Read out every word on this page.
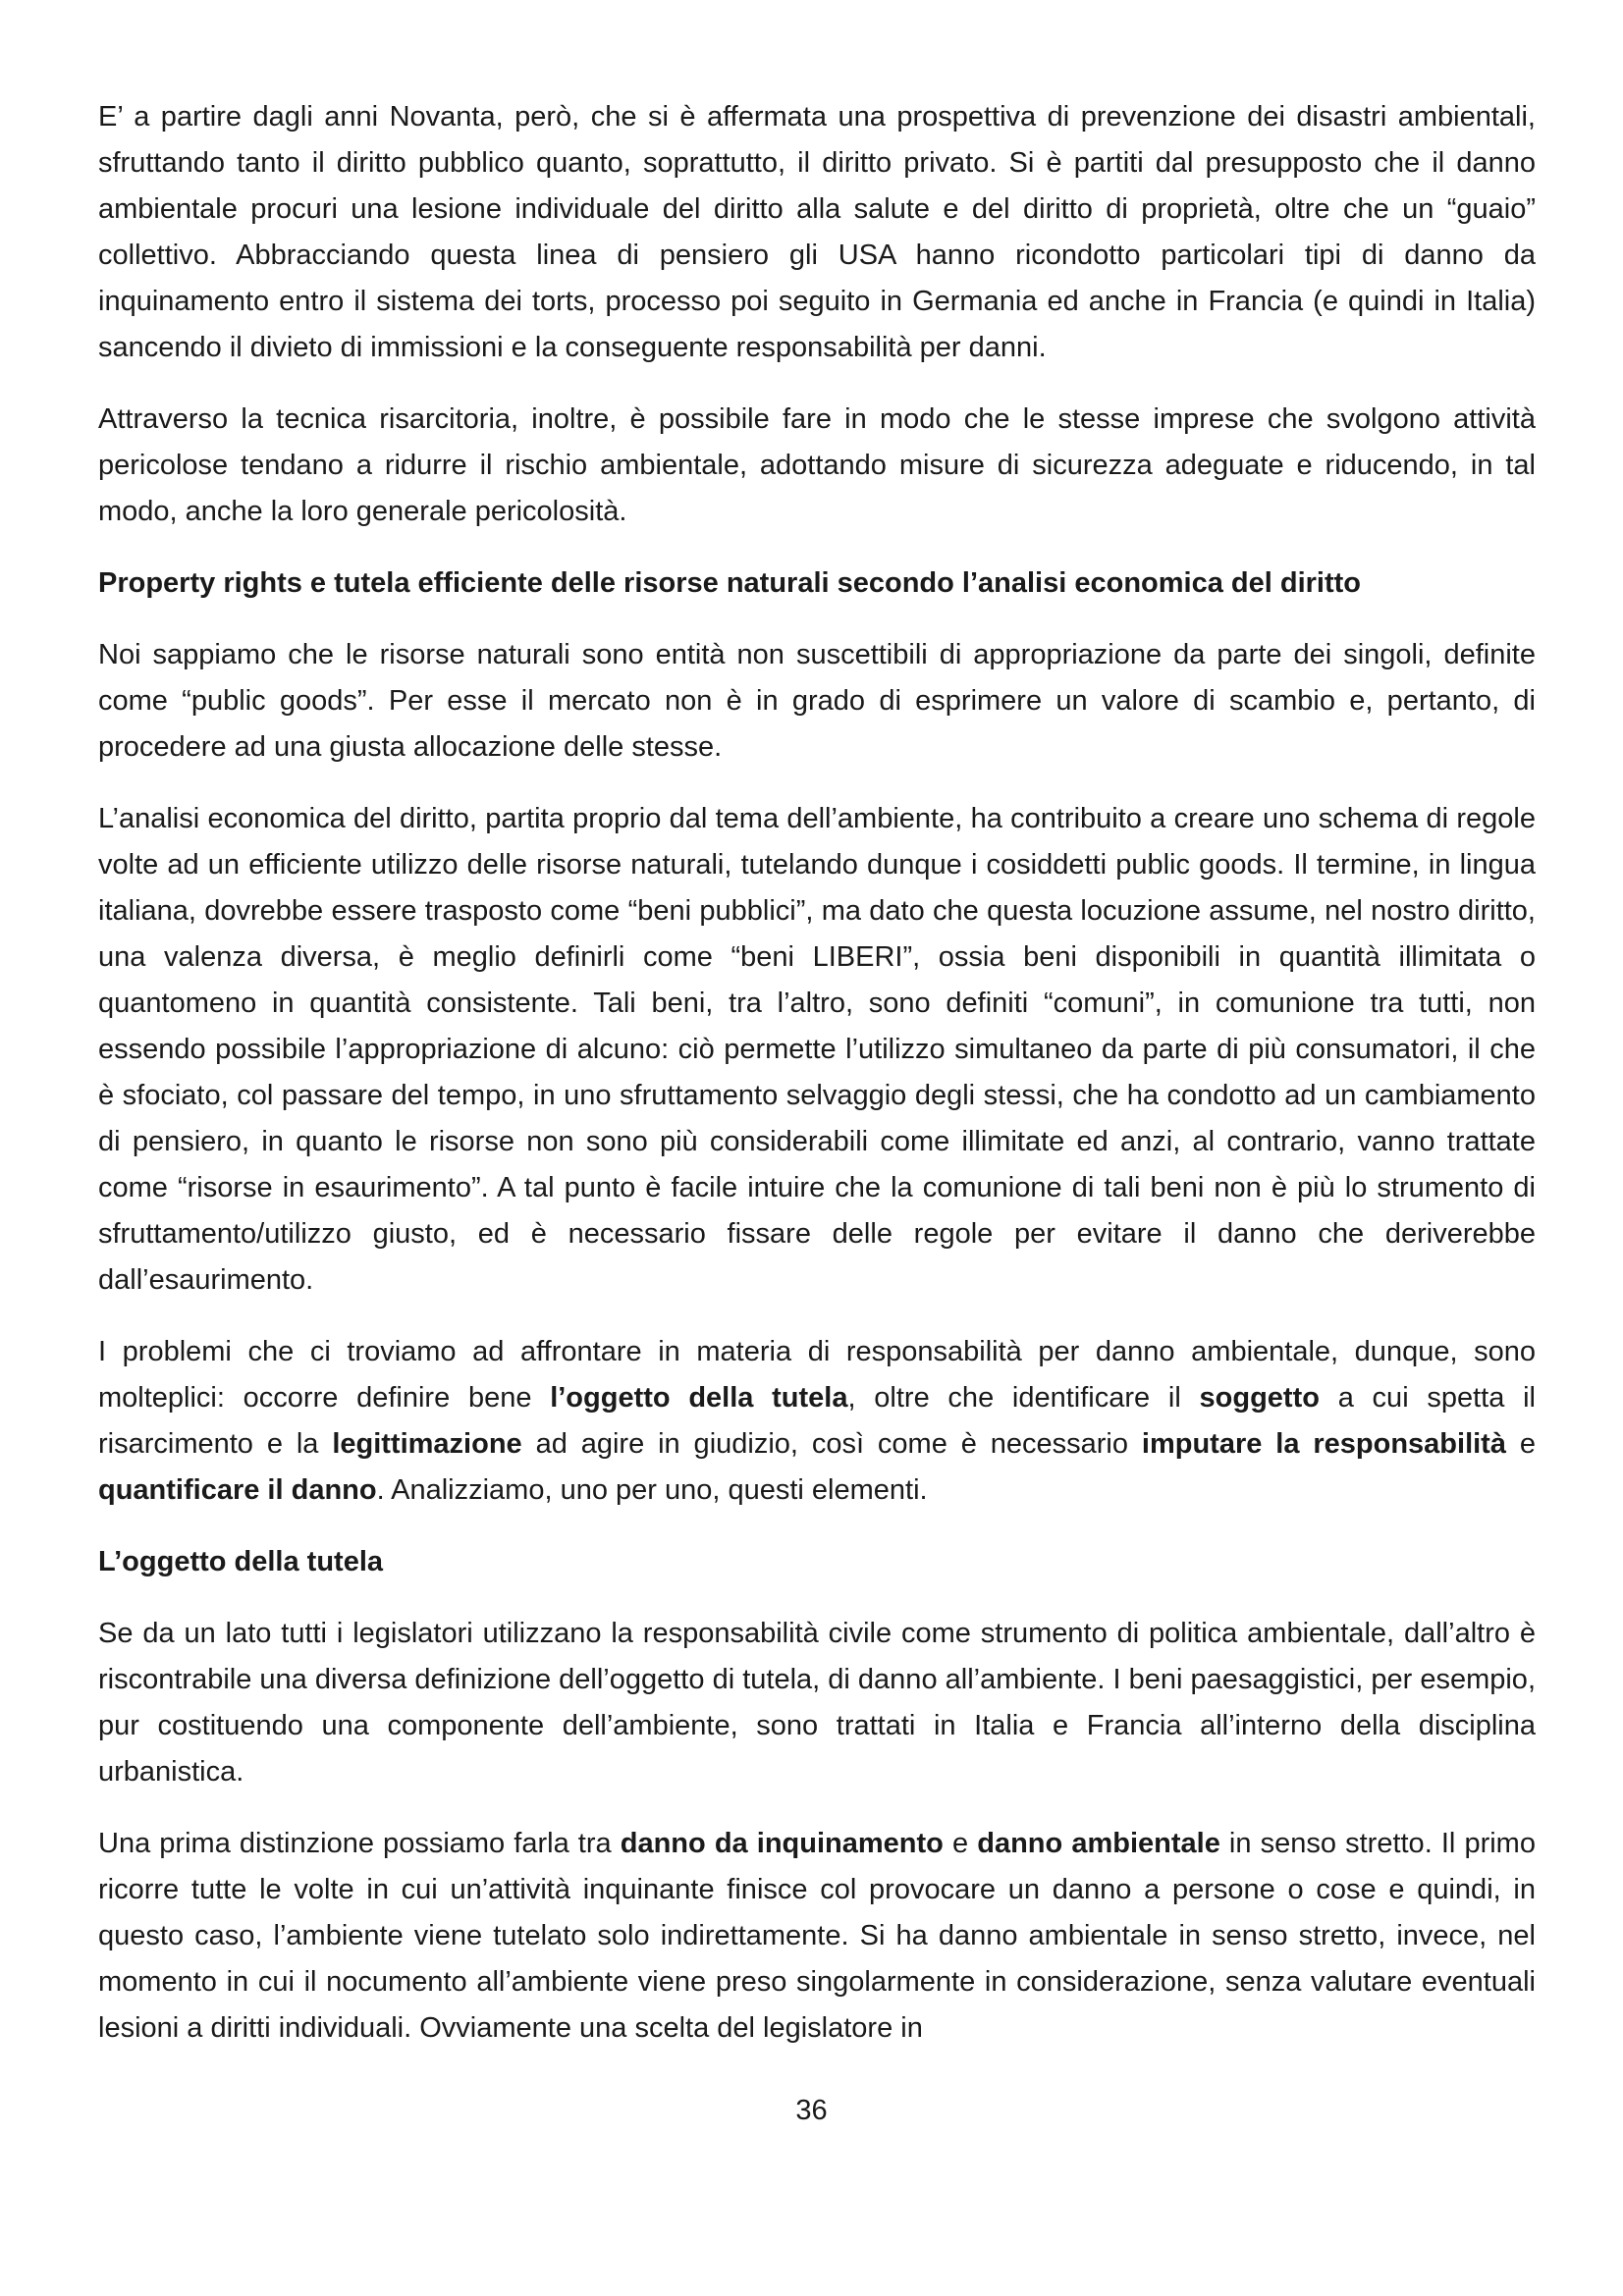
E’ a partire dagli anni Novanta, però, che si è affermata una prospettiva di prevenzione dei disastri ambientali, sfruttando tanto il diritto pubblico quanto, soprattutto, il diritto privato. Si è partiti dal presupposto che il danno ambientale procuri una lesione individuale del diritto alla salute e del diritto di proprietà, oltre che un “guaio” collettivo. Abbracciando questa linea di pensiero gli USA hanno ricondotto particolari tipi di danno da inquinamento entro il sistema dei torts, processo poi seguito in Germania ed anche in Francia (e quindi in Italia) sancendo il divieto di immissioni e la conseguente responsabilità per danni.

Attraverso la tecnica risarcitoria, inoltre, è possibile fare in modo che le stesse imprese che svolgono attività pericolose tendano a ridurre il rischio ambientale, adottando misure di sicurezza adeguate e riducendo, in tal modo, anche la loro generale pericolosità.

Property rights e tutela efficiente delle risorse naturali secondo l’analisi economica del diritto

Noi sappiamo che le risorse naturali sono entità non suscettibili di appropriazione da parte dei singoli, definite come “public goods”. Per esse il mercato non è in grado di esprimere un valore di scambio e, pertanto, di procedere ad una giusta allocazione delle stesse.

L’analisi economica del diritto, partita proprio dal tema dell’ambiente, ha contribuito a creare uno schema di regole volte ad un efficiente utilizzo delle risorse naturali, tutelando dunque i cosiddetti public goods. Il termine, in lingua italiana, dovrebbe essere trasposto come “beni pubblici”, ma dato che questa locuzione assume, nel nostro diritto, una valenza diversa, è meglio definirli come “beni LIBERI”, ossia beni disponibili in quantità illimitata o quantomeno in quantità consistente. Tali beni, tra l’altro, sono definiti “comuni”, in comunione tra tutti, non essendo possibile l’appropriazione di alcuno: ciò permette l’utilizzo simultaneo da parte di più consumatori, il che è sfociato, col passare del tempo, in uno sfruttamento selvaggio degli stessi, che ha condotto ad un cambiamento di pensiero, in quanto le risorse non sono più considerabili come illimitate ed anzi, al contrario, vanno trattate come “risorse in esaurimento”. A tal punto è facile intuire che la comunione di tali beni non è più lo strumento di sfruttamento/utilizzo giusto, ed è necessario fissare delle regole per evitare il danno che deriverebbe dall’esaurimento.

I problemi che ci troviamo ad affrontare in materia di responsabilità per danno ambientale, dunque, sono molteplici: occorre definire bene l’oggetto della tutela, oltre che identificare il soggetto a cui spetta il risarcimento e la legittimazione ad agire in giudizio, così come è necessario imputare la responsabilità e quantificare il danno. Analizziamo, uno per uno, questi elementi.

L’oggetto della tutela

Se da un lato tutti i legislatori utilizzano la responsabilità civile come strumento di politica ambientale, dall’altro è riscontrabile una diversa definizione dell’oggetto di tutela, di danno all’ambiente. I beni paesaggistici, per esempio, pur costituendo una componente dell’ambiente, sono trattati in Italia e Francia all’interno della disciplina urbanistica.

Una prima distinzione possiamo farla tra danno da inquinamento e danno ambientale in senso stretto. Il primo ricorre tutte le volte in cui un’attività inquinante finisce col provocare un danno a persone o cose e quindi, in questo caso, l’ambiente viene tutelato solo indirettamente. Si ha danno ambientale in senso stretto, invece, nel momento in cui il nocumento all’ambiente viene preso singolarmente in considerazione, senza valutare eventuali lesioni a diritti individuali. Ovviamente una scelta del legislatore in

36
